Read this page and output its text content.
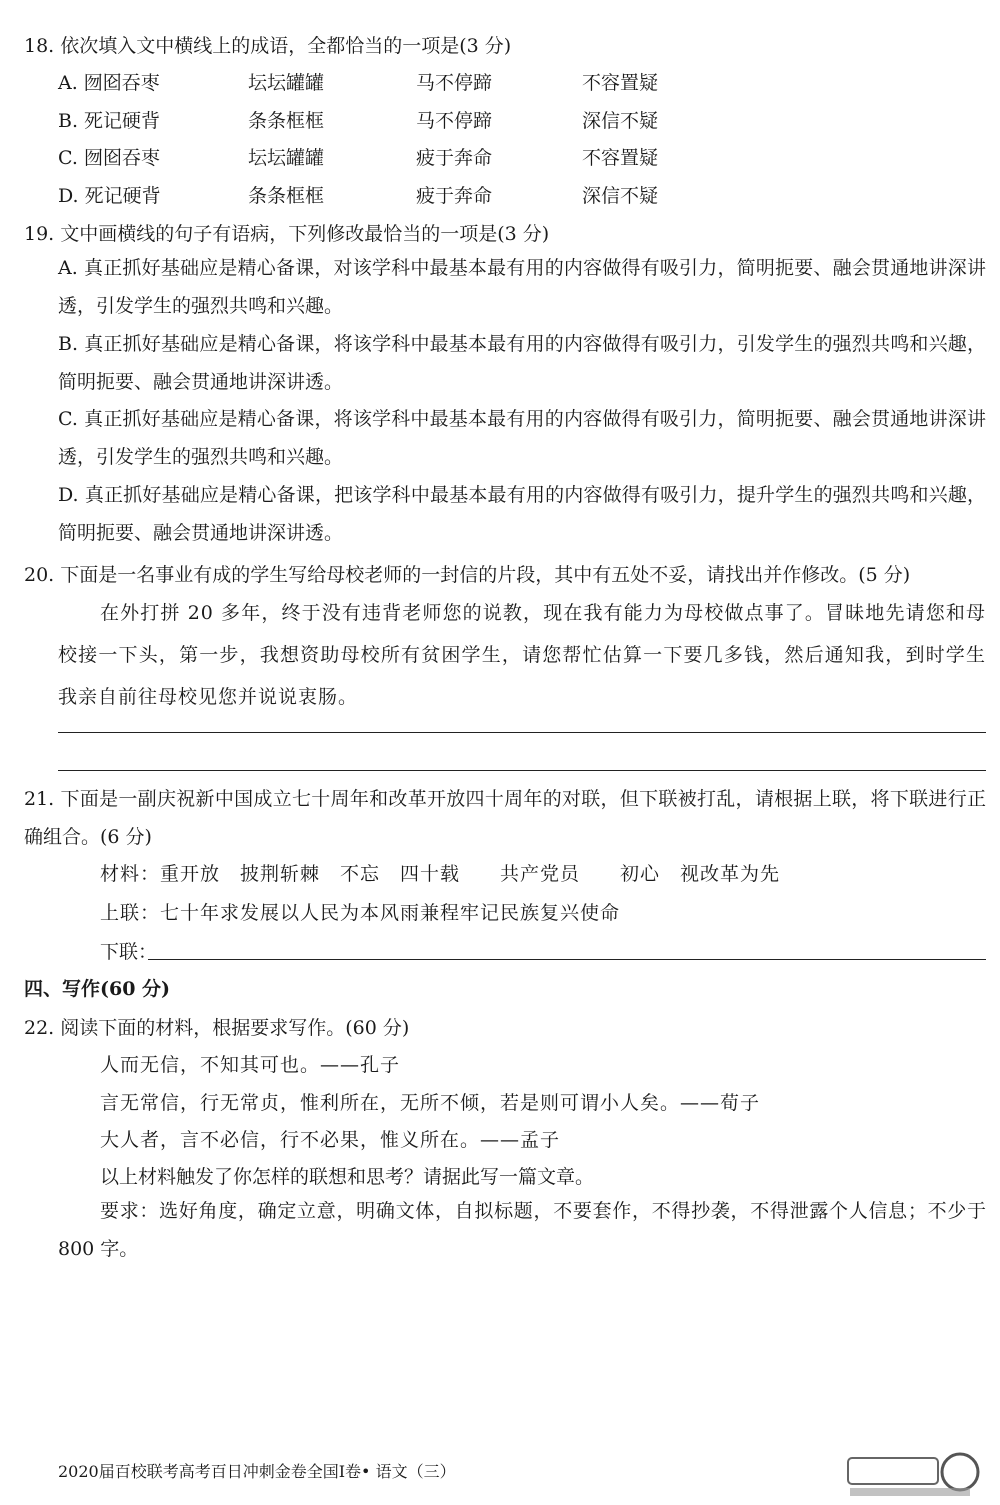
18. 依次填入文中横线上的成语，全都恰当的一项是(3 分)
A. 囫囵吞枣	坛坛罐罐	马不停蹄	不容置疑
B. 死记硬背	条条框框	马不停蹄	深信不疑
C. 囫囵吞枣	坛坛罐罐	疲于奔命	不容置疑
D. 死记硬背	条条框框	疲于奔命	深信不疑
19. 文中画横线的句子有语病，下列修改最恰当的一项是(3 分)
A. 真正抓好基础应是精心备课，对该学科中最基本最有用的内容做得有吸引力，简明扼要、融会贯通地讲深讲透，引发学生的强烈共鸣和兴趣。
B. 真正抓好基础应是精心备课，将该学科中最基本最有用的内容做得有吸引力，引发学生的强烈共鸣和兴趣，简明扼要、融会贯通地讲深讲透。
C. 真正抓好基础应是精心备课，将该学科中最基本最有用的内容做得有吸引力，简明扼要、融会贯通地讲深讲透，引发学生的强烈共鸣和兴趣。
D. 真正抓好基础应是精心备课，把该学科中最基本最有用的内容做得有吸引力，提升学生的强烈共鸣和兴趣，简明扼要、融会贯通地讲深讲透。
20. 下面是一名事业有成的学生写给母校老师的一封信的片段，其中有五处不妥，请找出并作修改。(5 分)
在外打拼 20 多年，终于没有违背老师您的说教，现在我有能力为母校做点事了。冒昧地先请您和母校接一下头，第一步，我想资助母校所有贫困学生，请您帮忙估算一下要几多钱，然后通知我，到时学生我亲自前往母校见您并说说衷肠。
21. 下面是一副庆祝新中国成立七十周年和改革开放四十周年的对联，但下联被打乱，请根据上联，将下联进行正确组合。(6 分)
材料：重开放　披荆斩棘　不忘　四十载　　共产党员　　初心　视改革为先
上联：七十年求发展以人民为本风雨兼程牢记民族复兴使命
下联：
四、写作(60 分)
22. 阅读下面的材料，根据要求写作。(60 分)
人而无信，不知其可也。——孔子
言无常信，行无常贞，惟利所在，无所不倾，若是则可谓小人矣。——荀子
大人者，言不必信，行不必果，惟义所在。——孟子
以上材料触发了你怎样的联想和思考？请据此写一篇文章。
要求：选好角度，确定立意，明确文体，自拟标题，不要套作，不得抄袭，不得泄露个人信息；不少于 800 字。
2020届百校联考高考百日冲刺金卷全国Ⅰ卷• 语文（三）
